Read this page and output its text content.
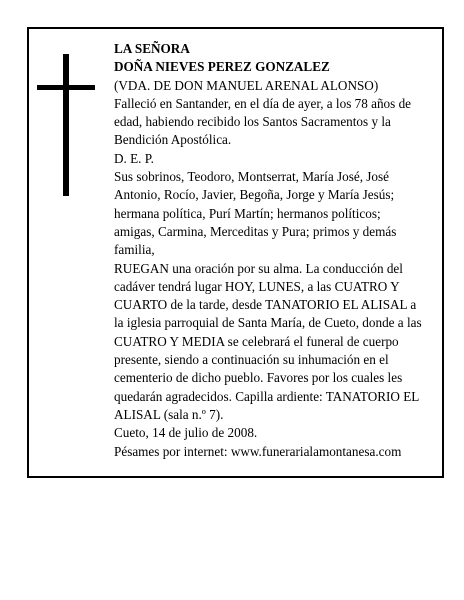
LA SEÑORA

DOÑA NIEVES PEREZ GONZALEZ

(VDA. DE DON MANUEL ARENAL ALONSO)

Falleció en Santander, en el día de ayer, a los 78 años de edad, habiendo recibido los Santos Sacramentos y la Bendición Apostólica.

D. E. P.

Sus sobrinos, Teodoro, Montserrat, María José, José Antonio, Rocío, Javier, Begoña, Jorge y María Jesús; hermana política, Purí Martín; hermanos políticos; amigas, Carmina, Merceditas y Pura; primos y demás familia,

RUEGAN una oración por su alma. La conducción del cadáver tendrá lugar HOY, LUNES, a las CUATRO Y CUARTO de la tarde, desde TANATORIO EL ALISAL a la iglesia parroquial de Santa María, de Cueto, donde a las CUATRO Y MEDIA se celebrará el funeral de cuerpo presente, siendo a continuación su inhumación en el cementerio de dicho pueblo. Favores por los cuales les quedarán agradecidos. Capilla ardiente: TANATORIO EL ALISAL (sala n.º 7).

Cueto, 14 de julio de 2008.

Pésames por internet: www.funerarialamontanesa.com
